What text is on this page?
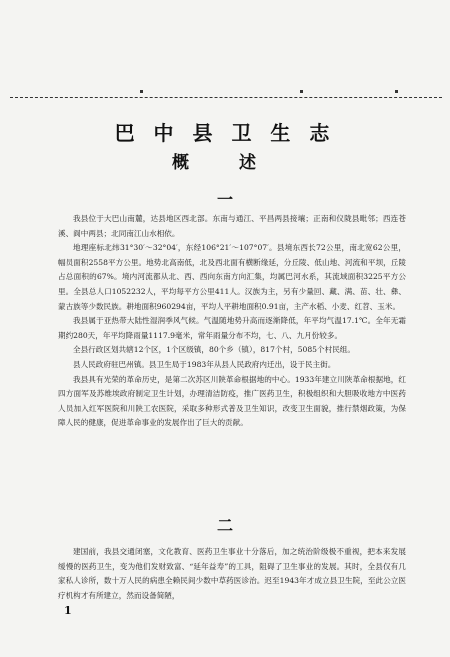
巴 中 县 卫 生 志
概 述
一

我县位于大巴山南麓，达县地区西北部。东南与通江、平昌两县接壤；正南和仪陇县毗邻；西连苍溪、阆中两县；北同南江山水相依。

地理座标北纬31°30′～32°04′，东经106°21′～107°07′。县境东西长72公里，南北宽62公里，幅员面积2558平方公里。地势北高南低，北及西北面有横断缘延，分丘陵、低山地、河流和平坝，丘陵占总面积的67%。境内河流都从北、西、西向东南方向汇集，均属巴河水系，其流域面积3225平方公里。全县总人口1052232人，平均每平方公里411人。汉族为主，另有少量回、藏、满、苗、壮、彝、蒙古族等少数民族。耕地面积960294亩，平均人平耕地面积0.91亩，主产水稻、小麦、红苕、玉米。

我县属于亚热带大陆性湿润季风气候。气温随地势升高而逐渐降低，年平均气温17.1℃。全年无霜期约280天，年平均降雨量1117.9毫米，常年雨量分布不均，七、八、九月份较多。

全县行政区划共辖12个区，1个区级镇，80个乡（镇），817个村，5085个村民组。

县人民政府驻巴州镇。县卫生局于1983年从县人民政府内迁出，设于民主街。

我县具有光荣的革命历史，是第二次苏区川陕革命根据地的中心。1933年建立川陕革命根据地，红四方面军及苏维埃政府制定卫生计划，办理清洁防疫，推广医药卫生，积极组织和大胆吸收地方中医药人员加入红军医院和川陕工农医院，采取多种形式普及卫生知识，改变卫生面貌，推行禁烟政策，为保障人民的健康，促进革命事业的发展作出了巨大的贡献。

二

建国前，我县交通闭塞，文化教育、医药卫生事业十分落后，加之统治阶级极不重视，把本来发展缓慢的医药卫生，变为他们发财致富、“延年益寿”的工具，阻碍了卫生事业的发展。其时，全县仅有几家私人诊所，数十万人民的病患全赖民间少数中草药医诊治。迟至1943年才成立县卫生院，至此公立医疗机构才有所建立，然而设备简陋，

1
